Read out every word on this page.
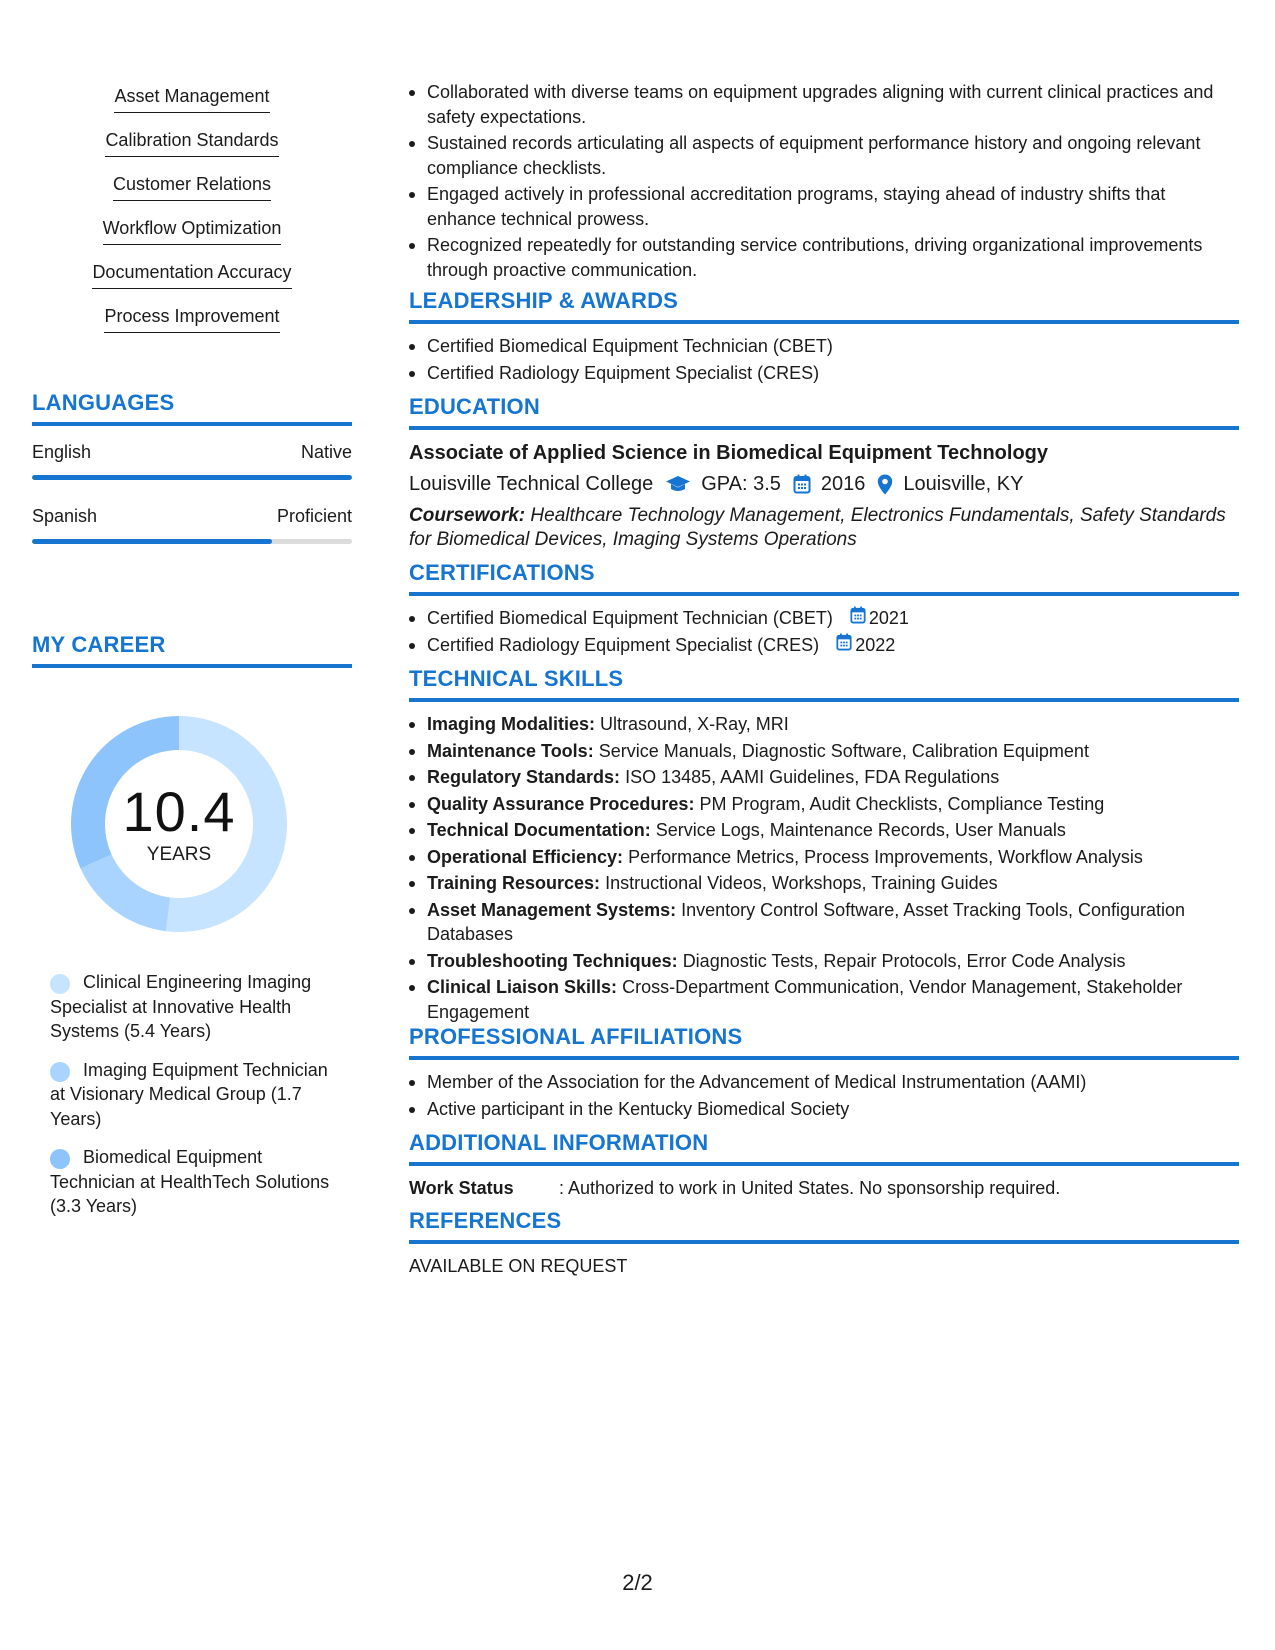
Asset Management
Calibration Standards
Customer Relations
Workflow Optimization
Documentation Accuracy
Process Improvement
LANGUAGES
English	Native
Spanish	Proficient
MY CAREER
10.4
YEARS
Clinical Engineering Imaging Specialist at Innovative Health Systems (5.4 Years)
Imaging Equipment Technician at Visionary Medical Group (1.7 Years)
Biomedical Equipment Technician at HealthTech Solutions (3.3 Years)
Collaborated with diverse teams on equipment upgrades aligning with current clinical practices and safety expectations.
Sustained records articulating all aspects of equipment performance history and ongoing relevant compliance checklists.
Engaged actively in professional accreditation programs, staying ahead of industry shifts that enhance technical prowess.
Recognized repeatedly for outstanding service contributions, driving organizational improvements through proactive communication.
LEADERSHIP & AWARDS
Certified Biomedical Equipment Technician (CBET)
Certified Radiology Equipment Specialist (CRES)
EDUCATION
Associate of Applied Science in Biomedical Equipment Technology
Louisville Technical College GPA: 3.5 2016 Louisville, KY
Coursework: Healthcare Technology Management, Electronics Fundamentals, Safety Standards for Biomedical Devices, Imaging Systems Operations
CERTIFICATIONS
Certified Biomedical Equipment Technician (CBET) 2021
Certified Radiology Equipment Specialist (CRES) 2022
TECHNICAL SKILLS
Imaging Modalities: Ultrasound, X-Ray, MRI
Maintenance Tools: Service Manuals, Diagnostic Software, Calibration Equipment
Regulatory Standards: ISO 13485, AAMI Guidelines, FDA Regulations
Quality Assurance Procedures: PM Program, Audit Checklists, Compliance Testing
Technical Documentation: Service Logs, Maintenance Records, User Manuals
Operational Efficiency: Performance Metrics, Process Improvements, Workflow Analysis
Training Resources: Instructional Videos, Workshops, Training Guides
Asset Management Systems: Inventory Control Software, Asset Tracking Tools, Configuration Databases
Troubleshooting Techniques: Diagnostic Tests, Repair Protocols, Error Code Analysis
Clinical Liaison Skills: Cross-Department Communication, Vendor Management, Stakeholder Engagement
PROFESSIONAL AFFILIATIONS
Member of the Association for the Advancement of Medical Instrumentation (AAMI)
Active participant in the Kentucky Biomedical Society
ADDITIONAL INFORMATION
Work Status	: Authorized to work in United States. No sponsorship required.
REFERENCES
AVAILABLE ON REQUEST
2/2
